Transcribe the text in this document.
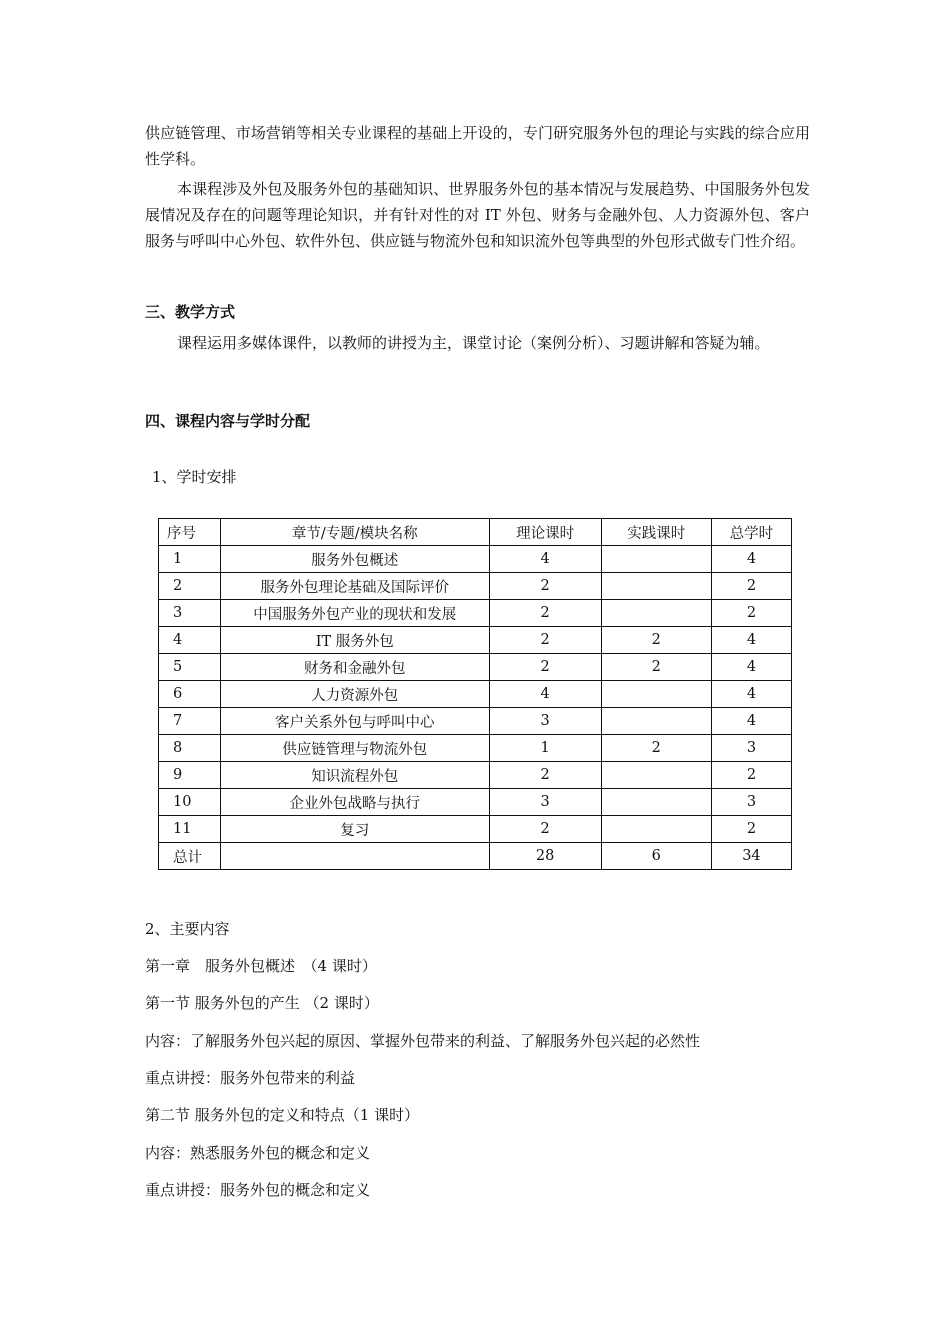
供应链管理、市场营销等相关专业课程的基础上开设的，专门研究服务外包的理论与实践的综合应用性学科。
本课程涉及外包及服务外包的基础知识、世界服务外包的基本情况与发展趋势、中国服务外包发展情况及存在的问题等理论知识，并有针对性的对 IT 外包、财务与金融外包、人力资源外包、客户服务与呼叫中心外包、软件外包、供应链与物流外包和知识流外包等典型的外包形式做专门性介绍。
三、教学方式
课程运用多媒体课件，以教师的讲授为主，课堂讨论（案例分析）、习题讲解和答疑为辅。
四、课程内容与学时分配
1、学时安排
序号	章节/专题/模块名称	理论课时	实践课时	总学时
1	服务外包概述	4		4
2	服务外包理论基础及国际评价	2		2
3	中国服务外包产业的现状和发展	2		2
4	IT 服务外包	2	2	4
5	财务和金融外包	2	2	4
6	人力资源外包	4		4
7	客户关系外包与呼叫中心	3		4
8	供应链管理与物流外包	1	2	3
9	知识流程外包	2		2
10	企业外包战略与执行	3		3
11	复习	2		2
总计		28	6	34
2、主要内容
第一章　服务外包概述　（4 课时）
第一节 服务外包的产生 （2 课时）
内容：了解服务外包兴起的原因、掌握外包带来的利益、了解服务外包兴起的必然性
重点讲授：服务外包带来的利益
第二节 服务外包的定义和特点（1 课时）
内容：熟悉服务外包的概念和定义
重点讲授：服务外包的概念和定义
